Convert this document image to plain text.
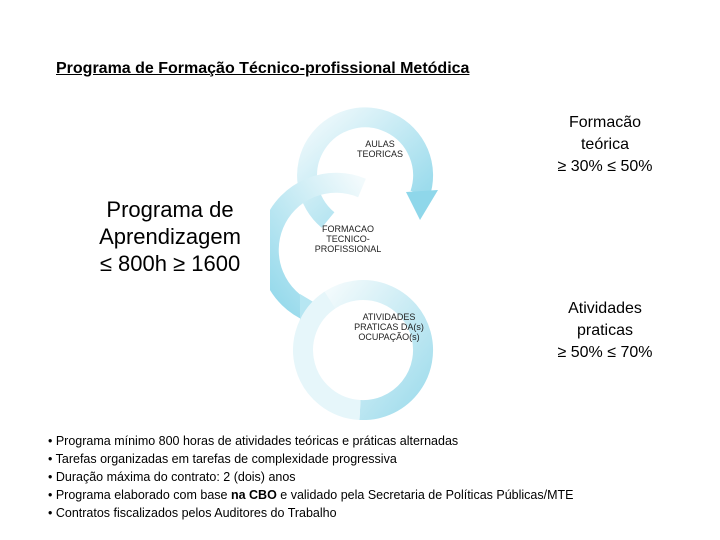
Programa de Formação Técnico-profissional Metódica
Programa de
Aprendizagem
≤ 800h ≥ 1600
AULAS
TEORICAS
FORMACAO
TECNICO-
PROFISSIONAL
ATIVIDADES
PRATICAS DA(s)
OCUPAÇÃO(s)
Formacão
teórica
≥ 30% ≤ 50%
Atividades
praticas
≥ 50% ≤ 70%
• Programa mínimo 800 horas de atividades teóricas e práticas alternadas
• Tarefas organizadas em tarefas de complexidade progressiva
• Duração máxima do contrato: 2 (dois) anos
• Programa elaborado com base na CBO e validado pela Secretaria de Políticas Públicas/MTE
• Contratos fiscalizados pelos Auditores do Trabalho
